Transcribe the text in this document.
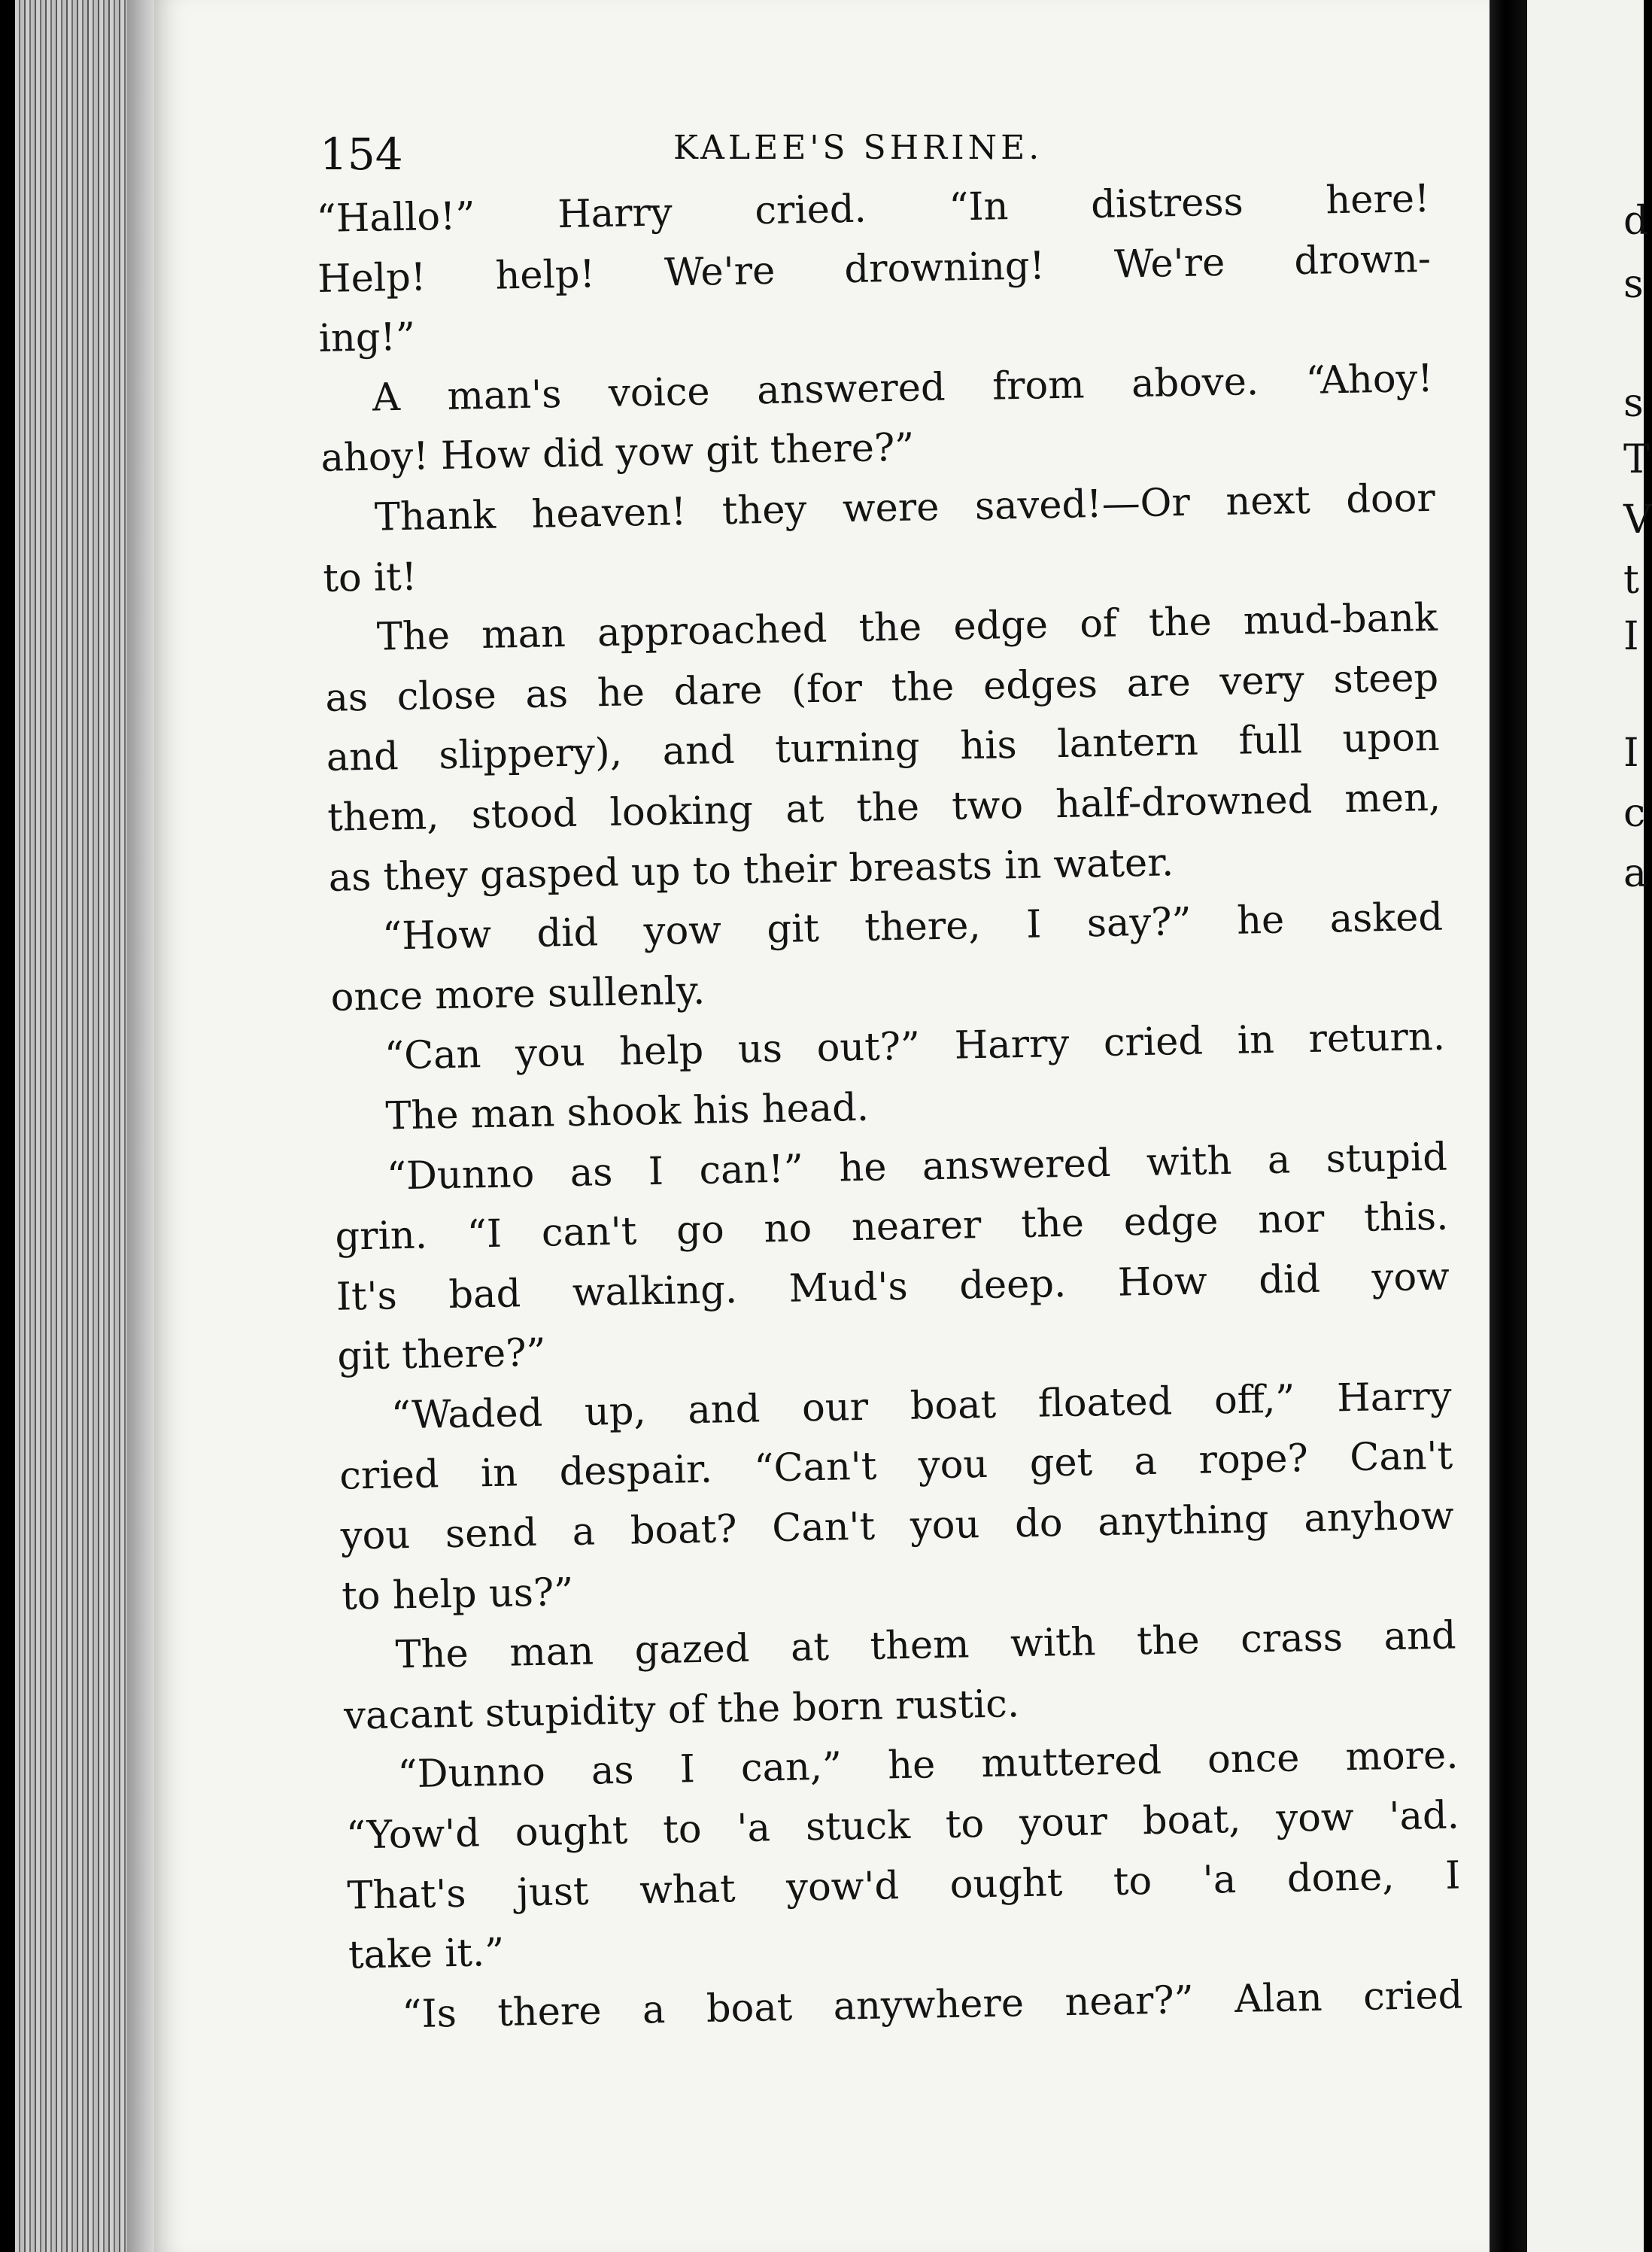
154	KALEE'S SHRINE.
“Hallo!” Harry cried. “In distress here!
Help! help! We're drowning! We're drown-
ing!”
A man's voice answered from above. “Ahoy!
ahoy! How did yow git there?”
Thank heaven! they were saved!—Or next door
to it!
The man approached the edge of the mud-bank
as close as he dare (for the edges are very steep
and slippery), and turning his lantern full upon
them, stood looking at the two half-drowned men,
as they gasped up to their breasts in water.
“How did yow git there, I say?” he asked
once more sullenly.
“Can you help us out?” Harry cried in return.
The man shook his head.
“Dunno as I can!” he answered with a stupid
grin. “I can't go no nearer the edge nor this.
It's bad walking. Mud's deep. How did yow
git there?”
“Waded up, and our boat floated off,” Harry
cried in despair. “Can't you get a rope? Can't
you send a boat? Can't you do anything anyhow
to help us?”
The man gazed at them with the crass and
vacant stupidity of the born rustic.
“Dunno as I can,” he muttered once more.
“Yow'd ought to 'a stuck to your boat, yow 'ad.
That's just what yow'd ought to 'a done, I
take it.”
“Is there a boat anywhere near?” Alan cried
d
s
s
T
V
t
I
I
c
a
